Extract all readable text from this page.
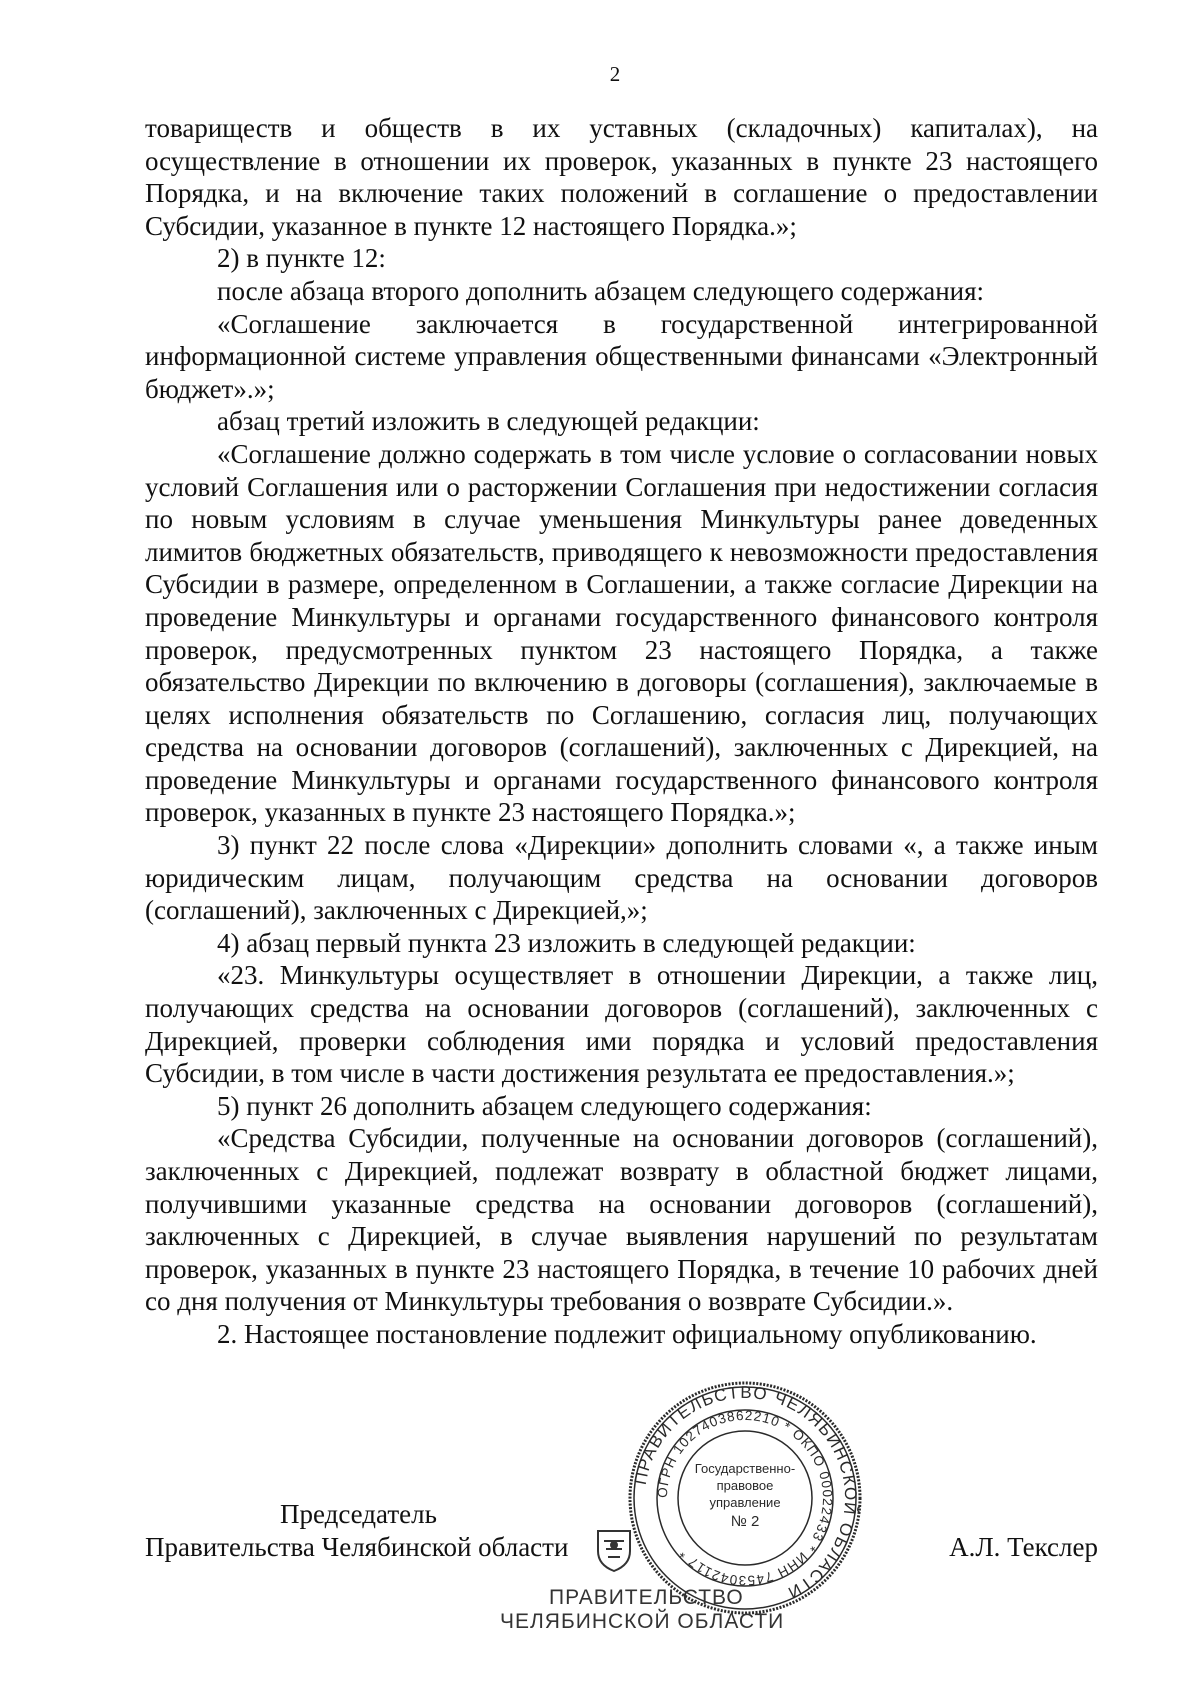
2

товариществ и обществ в их уставных (складочных) капиталах), на осуществление в отношении их проверок, указанных в пункте 23 настоящего Порядка, и на включение таких положений в соглашение о предоставлении Субсидии, указанное в пункте 12 настоящего Порядка.»;

2) в пункте 12:

после абзаца второго дополнить абзацем следующего содержания:

«Соглашение заключается в государственной интегрированной информационной системе управления общественными финансами «Электронный бюджет».»;

абзац третий изложить в следующей редакции:

«Соглашение должно содержать в том числе условие о согласовании новых условий Соглашения или о расторжении Соглашения при недостижении согласия по новым условиям в случае уменьшения Минкультуры ранее доведенных лимитов бюджетных обязательств, приводящего к невозможности предоставления Субсидии в размере, определенном в Соглашении, а также согласие Дирекции на проведение Минкультуры и органами государственного финансового контроля проверок, предусмотренных пунктом 23 настоящего Порядка, а также обязательство Дирекции по включению в договоры (соглашения), заключаемые в целях исполнения обязательств по Соглашению, согласия лиц, получающих средства на основании договоров (соглашений), заключенных с Дирекцией, на проведение Минкультуры и органами государственного финансового контроля проверок, указанных в пункте 23 настоящего Порядка.»;

3) пункт 22 после слова «Дирекции» дополнить словами «, а также иным юридическим лицам, получающим средства на основании договоров (соглашений), заключенных с Дирекцией,»;

4) абзац первый пункта 23 изложить в следующей редакции:

«23. Минкультуры осуществляет в отношении Дирекции, а также лиц, получающих средства на основании договоров (соглашений), заключенных с Дирекцией, проверки соблюдения ими порядка и условий предоставления Субсидии, в том числе в части достижения результата ее предоставления.»;

5) пункт 26 дополнить абзацем следующего содержания:

«Средства Субсидии, полученные на основании договоров (соглашений), заключенных с Дирекцией, подлежат возврату в областной бюджет лицами, получившими указанные средства на основании договоров (соглашений), заключенных с Дирекцией, в случае выявления нарушений по результатам проверок, указанных в пункте 23 настоящего Порядка, в течение 10 рабочих дней со дня получения от Минкультуры требования о возврате Субсидии.».

2. Настоящее постановление подлежит официальному опубликованию.

ПРАВИТЕЛЬСТВО ЧЕЛЯБИНСКОЙ ОБЛАСТИ
ОГРН 1027403862210 * ОКПО 00022433 * ИНН 7453042117 *
Государственно-
правовое
управление
№ 2
Председатель
Правительства Челябинской области	А.Л. Текслер
ПРАВИТЕЛЬСТВО
ЧЕЛЯБИНСКОЙ ОБЛАСТИ
